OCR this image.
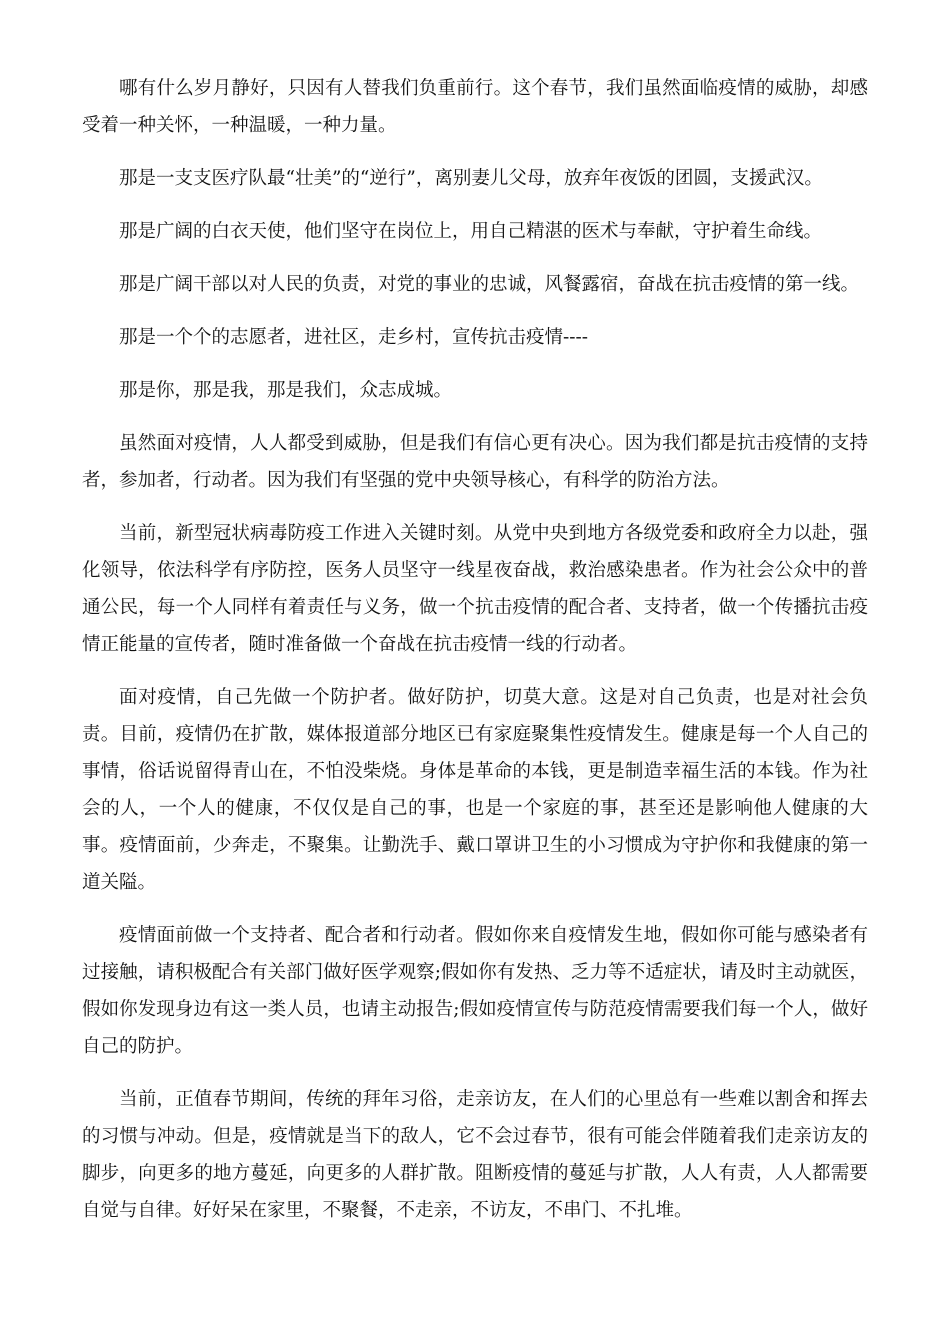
哪有什么岁月静好，只因有人替我们负重前行。这个春节，我们虽然面临疫情的威胁，却感受着一种关怀，一种温暖，一种力量。

那是一支支医疗队最“壮美”的“逆行”，离别妻儿父母，放弃年夜饭的团圆，支援武汉。

那是广阔的白衣天使，他们坚守在岗位上，用自己精湛的医术与奉献，守护着生命线。

那是广阔干部以对人民的负责，对党的事业的忠诚，风餐露宿，奋战在抗击疫情的第一线。

那是一个个的志愿者，进社区，走乡村，宣传抗击疫情----

那是你，那是我，那是我们，众志成城。

虽然面对疫情，人人都受到威胁，但是我们有信心更有决心。因为我们都是抗击疫情的支持者，参加者，行动者。因为我们有坚强的党中央领导核心，有科学的防治方法。

当前，新型冠状病毒防疫工作进入关键时刻。从党中央到地方各级党委和政府全力以赴，强化领导，依法科学有序防控，医务人员坚守一线星夜奋战，救治感染患者。作为社会公众中的普通公民，每一个人同样有着责任与义务，做一个抗击疫情的配合者、支持者，做一个传播抗击疫情正能量的宣传者，随时准备做一个奋战在抗击疫情一线的行动者。

面对疫情，自己先做一个防护者。做好防护，切莫大意。这是对自己负责，也是对社会负责。目前，疫情仍在扩散，媒体报道部分地区已有家庭聚集性疫情发生。健康是每一个人自己的事情，俗话说留得青山在，不怕没柴烧。身体是革命的本钱，更是制造幸福生活的本钱。作为社会的人，一个人的健康，不仅仅是自己的事，也是一个家庭的事，甚至还是影响他人健康的大事。疫情面前，少奔走，不聚集。让勤洗手、戴口罩讲卫生的小习惯成为守护你和我健康的第一道关隘。

疫情面前做一个支持者、配合者和行动者。假如你来自疫情发生地，假如你可能与感染者有过接触，请积极配合有关部门做好医学观察;假如你有发热、乏力等不适症状，请及时主动就医，假如你发现身边有这一类人员，也请主动报告;假如疫情宣传与防范疫情需要我们每一个人，做好自己的防护。

当前，正值春节期间，传统的拜年习俗，走亲访友，在人们的心里总有一些难以割舍和挥去的习惯与冲动。但是，疫情就是当下的敌人，它不会过春节，很有可能会伴随着我们走亲访友的脚步，向更多的地方蔓延，向更多的人群扩散。阻断疫情的蔓延与扩散，人人有责，人人都需要自觉与自律。好好呆在家里，不聚餐，不走亲，不访友，不串门、不扎堆。
